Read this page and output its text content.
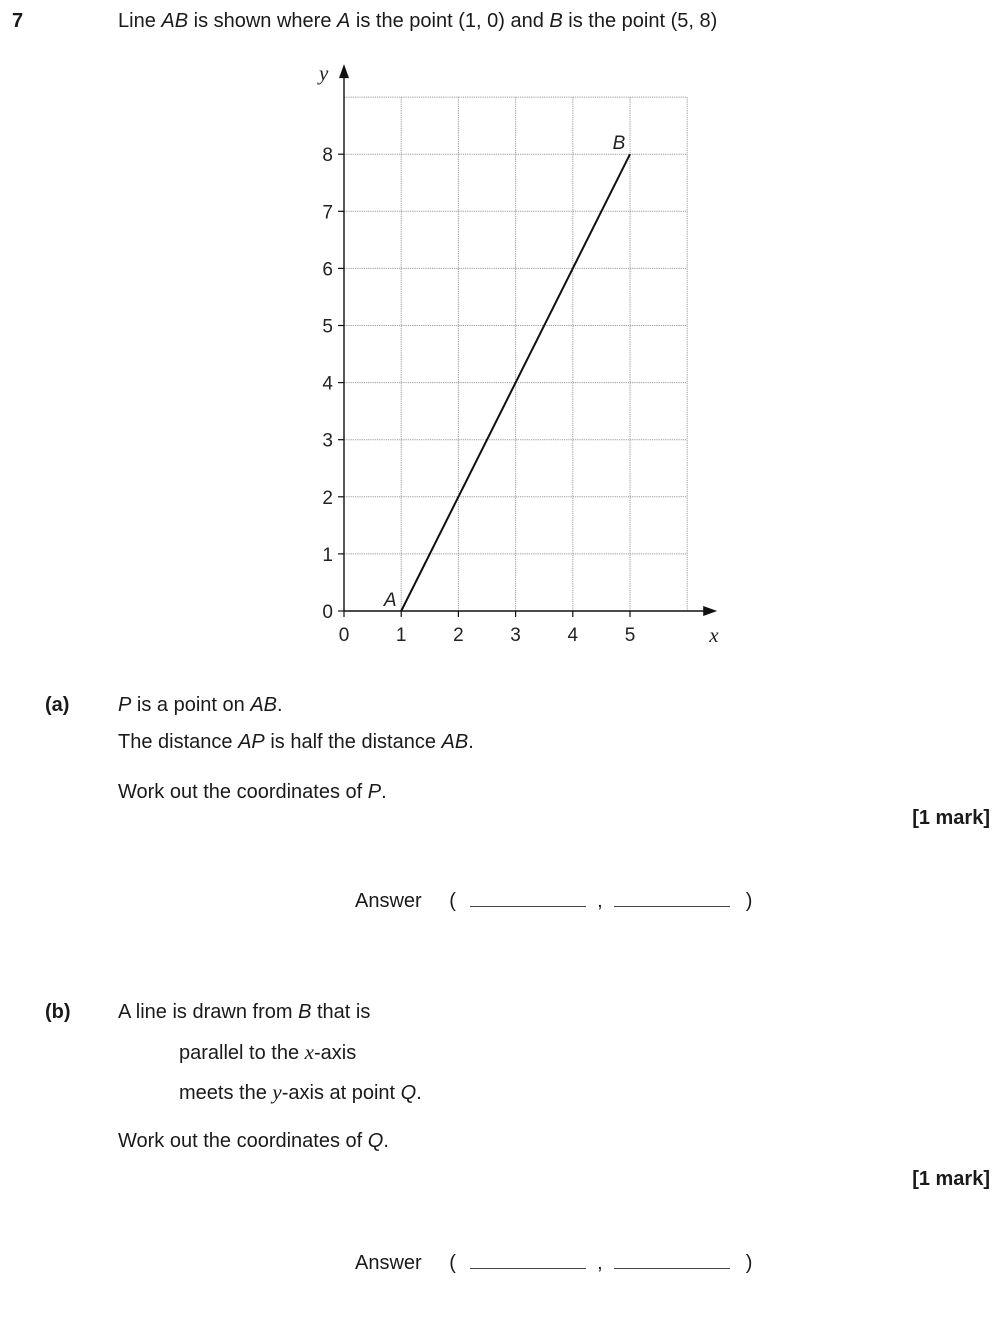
7	Line AB is shown where A is the point (1, 0) and B is the point (5, 8)
0 1 2 3 4 5
0
1
2
3
4
5
6
7
8
x
y
A
B
(a) P is a point on AB.
The distance AP is half the distance AB.
Work out the coordinates of P.
[1 mark]
Answer (	,	)
(b) A line is drawn from B that is
parallel to the x-axis
meets the y-axis at point Q.
Work out the coordinates of Q.
[1 mark]
Answer (	,	)
